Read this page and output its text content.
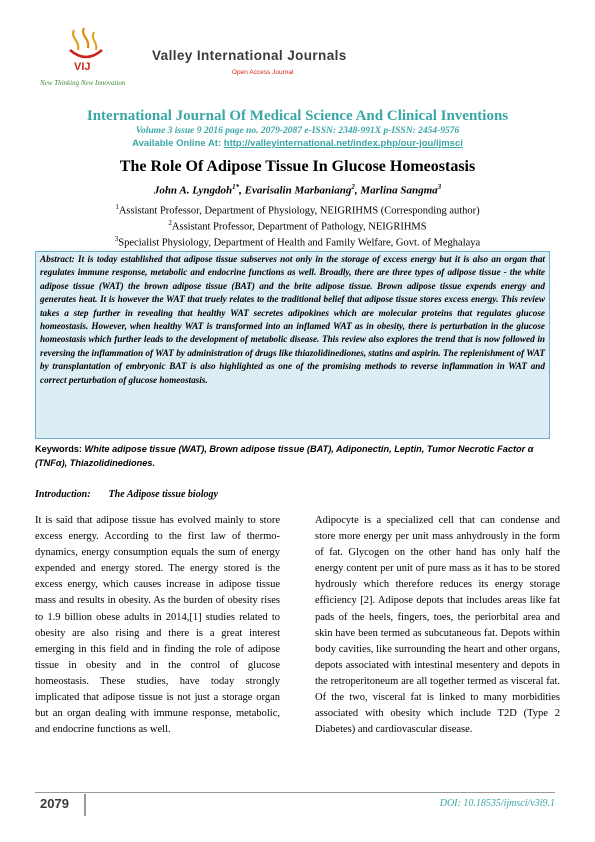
VIJ
Valley International Journals
Open Access Journal
New Thinking New Innovation
International Journal Of Medical Science And Clinical Inventions
Volume 3 issue 9 2016 page no. 2079-2087 e-ISSN: 2348-991X p-ISSN: 2454-9576
Available Online At: http://valleyinternational.net/index.php/our-jou/ijmsci
The Role Of Adipose Tissue In Glucose Homeostasis
John A. Lyngdoh$^{1*}$, Evarisalin Marbaniang$^2$, Marlina Sangma$^3$
$^1$Assistant Professor, Department of Physiology, NEIGRIHMS (Corresponding author)
$^2$Assistant Professor, Department of Pathology, NEIGRIHMS
$^3$Specialist Physiology, Department of Health and Family Welfare, Govt. of Meghalaya
Abstract: It is today established that adipose tissue subserves not only in the storage of excess energy but it is also an organ that regulates immune response, metabolic and endocrine functions as well. Broadly, there are three types of adipose tissue - the white adipose tissue (WAT) the brown adipose tissue (BAT) and the brite adipose tissue. Brown adipose tissue expends energy and generates heat. It is however the WAT that truely relates to the traditional belief that adipose tissue stores excess energy. This review takes a step further in revealing that healthy WAT secretes adipokines which are molecular proteins that regulates glucose homeostasis. However, when healthy WAT is transformed into an inflamed WAT as in obesity, there is perturbation in the glucose homeostasis which further leads to the development of metabolic disease. This review also explores the trend that is now followed in reversing the inflammation of WAT by administration of drugs like thiazolidinediones, statins and aspirin. The replenishment of WAT by transplantation of embryonic BAT is also highlighted as one of the promising methods to reverse inflammation in WAT and correct perturbation of glucose homeostasis.
Keywords: White adipose tissue (WAT), Brown adipose tissue (BAT), Adiponectin, Leptin, Tumor Necrotic Factor α (TNFα), Thiazolidinediones.
Introduction: The Adipose tissue biology
It is said that adipose tissue has evolved mainly to store excess energy. According to the first law of thermo-dynamics, energy consumption equals the sum of energy expended and energy stored. The energy stored is the excess energy, which causes increase in adipose tissue mass and results in obesity. As the burden of obesity rises to 1.9 billion obese adults in 2014,[1] studies related to obesity are also rising and there is a great interest emerging in this field and in finding the role of adipose tissue in obesity and in the control of glucose homeostasis. These studies, have today strongly implicated that adipose tissue is not just a storage organ but an organ dealing with immune response, metabolic, and endocrine functions as well.
Adipocyte is a specialized cell that can condense and store more energy per unit mass anhydrously in the form of fat. Glycogen on the other hand has only half the energy content per unit of pure mass as it has to be stored hydrously which therefore reduces its energy storage efficiency [2]. Adipose depots that includes areas like fat pads of the heels, fingers, toes, the periorbital area and skin have been termed as subcutaneous fat. Depots within body cavities, like surrounding the heart and other organs, depots associated with intestinal mesentery and depots in the retroperitoneum are all together termed as visceral fat. Of the two, visceral fat is linked to many morbidities associated with obesity which include T2D (Type 2 Diabetes) and cardiovascular disease.
2079	DOI: 10.18535/ijmsci/v3i9.1
